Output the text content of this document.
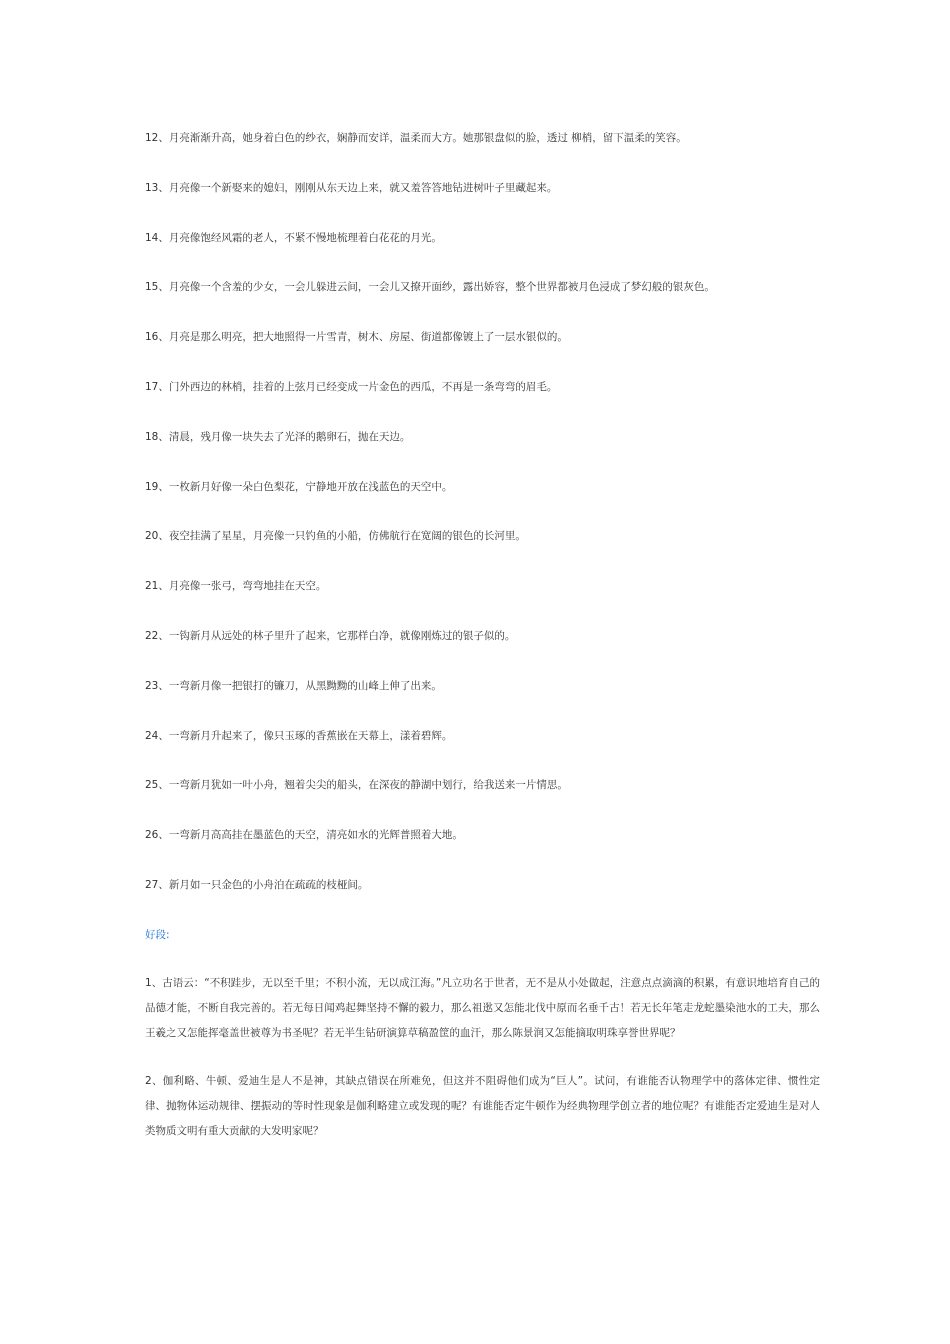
12、月亮渐渐升高，她身着白色的纱衣，娴静而安详，温柔而大方。她那银盘似的脸，透过 柳梢，留下温柔的笑容。
13、月亮像一个新娶来的媳妇，刚刚从东天边上来，就又羞答答地钻进树叶子里藏起来。
14、月亮像饱经风霜的老人，不紧不慢地梳理着白花花的月光。
15、月亮像一个含羞的少女，一会儿躲进云间，一会儿又撩开面纱，露出娇容，整个世界都被月色浸成了梦幻般的银灰色。
16、月亮是那么明亮，把大地照得一片雪青，树木、房屋、街道都像镀上了一层水银似的。
17、门外西边的林梢，挂着的上弦月已经变成一片金色的西瓜，不再是一条弯弯的眉毛。
18、清晨，残月像一块失去了光泽的鹅卵石，抛在天边。
19、一枚新月好像一朵白色梨花，宁静地开放在浅蓝色的天空中。
20、夜空挂满了星星，月亮像一只钓鱼的小船，仿佛航行在宽阔的银色的长河里。
21、月亮像一张弓，弯弯地挂在天空。
22、一钩新月从远处的林子里升了起来，它那样白净，就像刚炼过的银子似的。
23、一弯新月像一把银打的镰刀，从黑黝黝的山峰上伸了出来。
24、一弯新月升起来了，像只玉琢的香蕉嵌在天幕上，漾着碧辉。
25、一弯新月犹如一叶小舟，翘着尖尖的船头，在深夜的静湖中划行，给我送来一片情思。
26、一弯新月高高挂在墨蓝色的天空，清亮如水的光辉普照着大地。
27、新月如一只金色的小舟泊在疏疏的枝桠间。
好段:
1、古语云：“不积跬步，无以至千里；不积小流，无以成江海。”凡立功名于世者，无不是从小处做起，注意点点滴滴的积累，有意识地培育自己的品德才能，不断自我完善的。若无每日闻鸡起舞坚持不懈的毅力，那么祖逖又怎能北伐中原而名垂千古！若无长年笔走龙蛇墨染池水的工夫，那么王羲之又怎能挥毫盖世被尊为书圣呢？若无半生钻研演算草稿盈筐的血汗，那么陈景润又怎能摘取明珠享誉世界呢？
2、伽利略、牛顿、爱迪生是人不是神，其缺点错误在所难免，但这并不阻碍他们成为“巨人”。试问，有谁能否认物理学中的落体定律、惯性定律、抛物体运动规律、摆振动的等时性现象是伽利略建立或发现的呢？有谁能否定牛顿作为经典物理学创立者的地位呢？有谁能否定爱迪生是对人类物质文明有重大贡献的大发明家呢？
